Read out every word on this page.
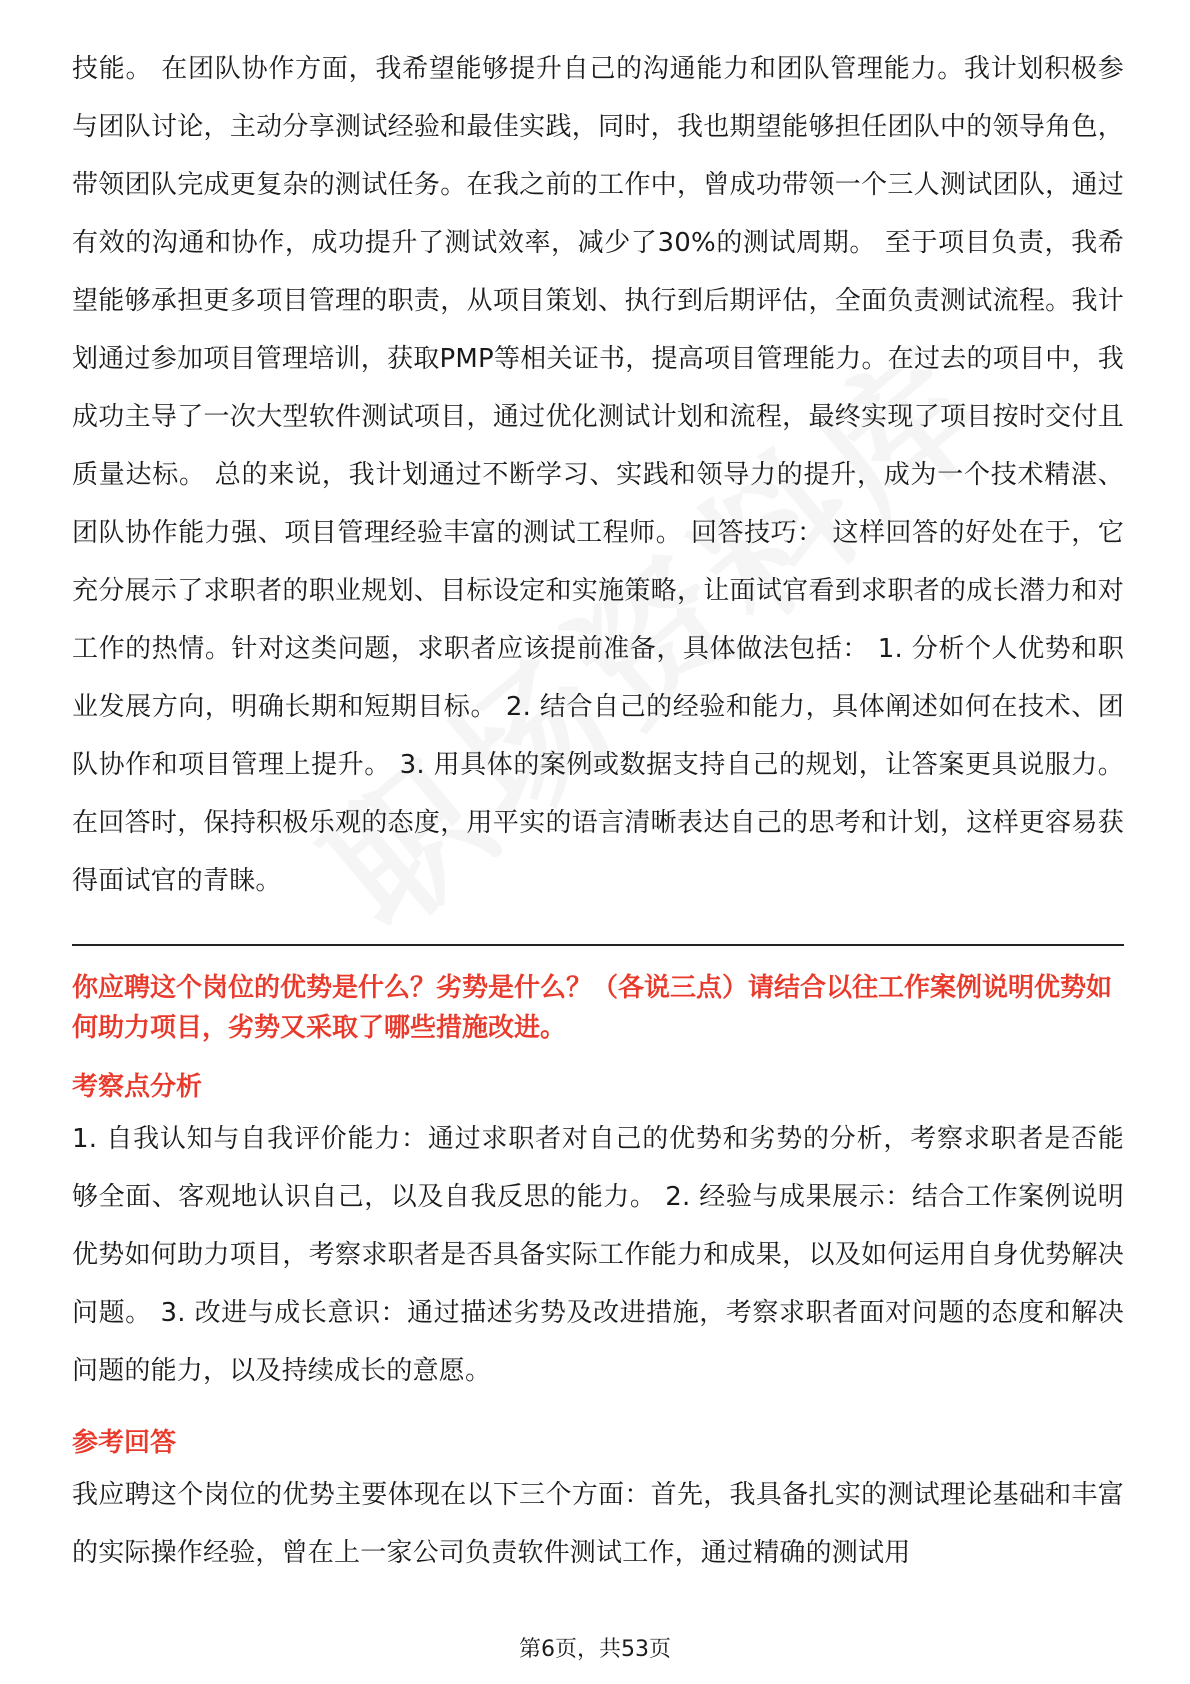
技能。 在团队协作方面，我希望能够提升自己的沟通能力和团队管理能力。我计划积极参与团队讨论，主动分享测试经验和最佳实践，同时，我也期望能够担任团队中的领导角色，带领团队完成更复杂的测试任务。在我之前的工作中，曾成功带领一个三人测试团队，通过有效的沟通和协作，成功提升了测试效率，减少了30%的测试周期。 至于项目负责，我希望能够承担更多项目管理的职责，从项目策划、执行到后期评估，全面负责测试流程。我计划通过参加项目管理培训，获取PMP等相关证书，提高项目管理能力。在过去的项目中，我成功主导了一次大型软件测试项目，通过优化测试计划和流程，最终实现了项目按时交付且质量达标。 总的来说，我计划通过不断学习、实践和领导力的提升，成为一个技术精湛、团队协作能力强、项目管理经验丰富的测试工程师。 回答技巧： 这样回答的好处在于，它充分展示了求职者的职业规划、目标设定和实施策略，让面试官看到求职者的成长潜力和对工作的热情。针对这类问题，求职者应该提前准备，具体做法包括： 1. 分析个人优势和职业发展方向，明确长期和短期目标。 2. 结合自己的经验和能力，具体阐述如何在技术、团队协作和项目管理上提升。 3. 用具体的案例或数据支持自己的规划，让答案更具说服力。 在回答时，保持积极乐观的态度，用平实的语言清晰表达自己的思考和计划，这样更容易获得面试官的青睐。

你应聘这个岗位的优势是什么？劣势是什么？（各说三点）请结合以往工作案例说明优势如何助力项目，劣势又采取了哪些措施改进。

考察点分析

1. 自我认知与自我评价能力：通过求职者对自己的优势和劣势的分析，考察求职者是否能够全面、客观地认识自己，以及自我反思的能力。 2. 经验与成果展示：结合工作案例说明优势如何助力项目，考察求职者是否具备实际工作能力和成果，以及如何运用自身优势解决问题。 3. 改进与成长意识：通过描述劣势及改进措施，考察求职者面对问题的态度和解决问题的能力，以及持续成长的意愿。

参考回答

我应聘这个岗位的优势主要体现在以下三个方面：首先，我具备扎实的测试理论基础和丰富的实际操作经验，曾在上一家公司负责软件测试工作，通过精确的测试用

第6页，共53页
